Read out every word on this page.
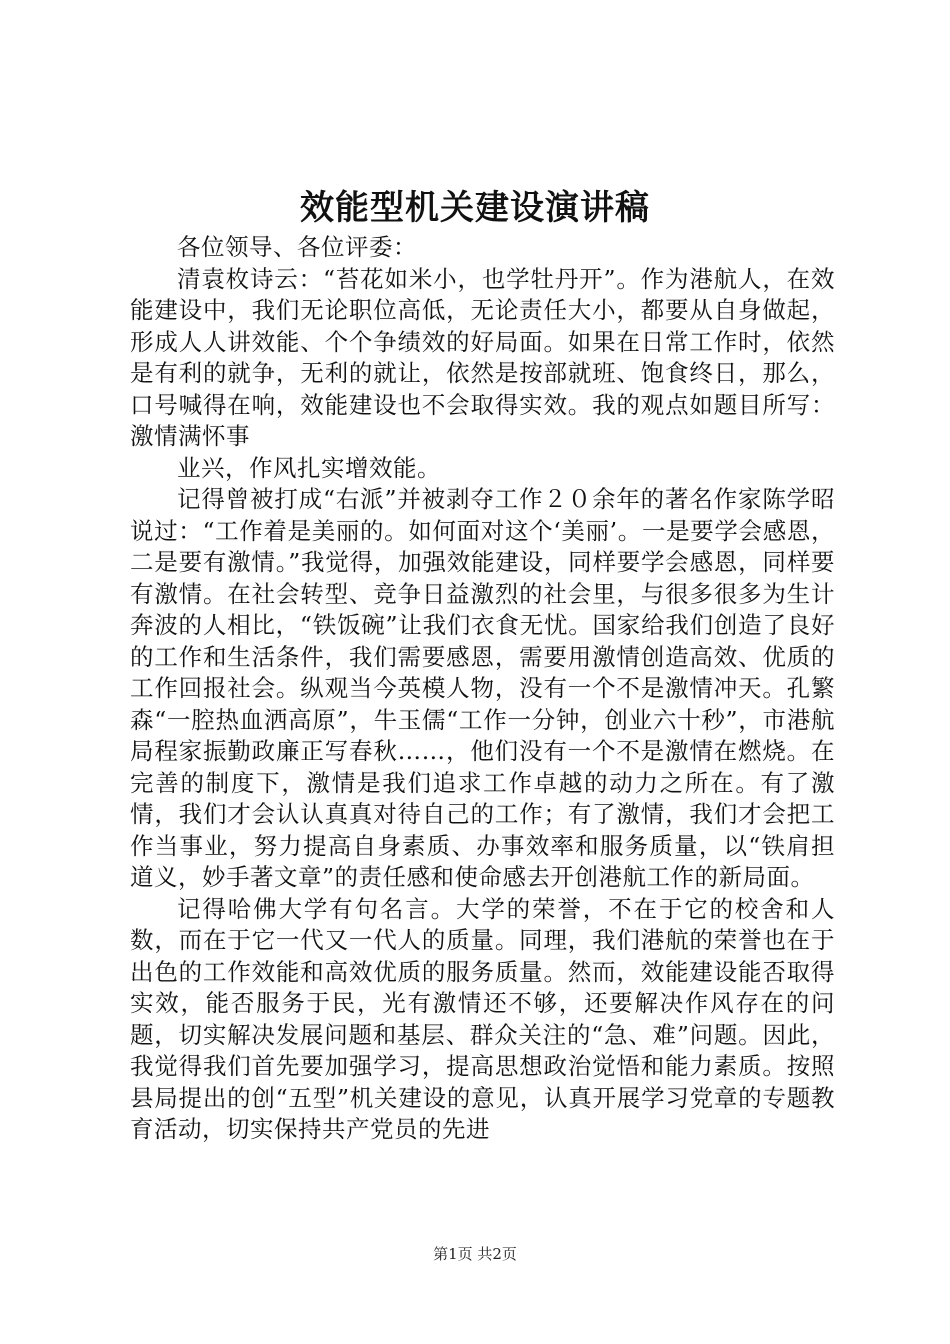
效能型机关建设演讲稿

各位领导、各位评委：

清袁枚诗云：“苔花如米小，也学牡丹开”。作为港航人，在效能建设中，我们无论职位高低，无论责任大小，都要从自身做起，形成人人讲效能、个个争绩效的好局面。如果在日常工作时，依然是有利的就争，无利的就让，依然是按部就班、饱食终日，那么，口号喊得在响，效能建设也不会取得实效。我的观点如题目所写：激情满怀事

业兴，作风扎实增效能。

记得曾被打成“右派”并被剥夺工作２０余年的著名作家陈学昭说过：“工作着是美丽的。如何面对这个‘美丽’。一是要学会感恩，二是要有激情。”我觉得，加强效能建设，同样要学会感恩，同样要有激情。在社会转型、竞争日益激烈的社会里，与很多很多为生计奔波的人相比，“铁饭碗”让我们衣食无忧。国家给我们创造了良好的工作和生活条件，我们需要感恩，需要用激情创造高效、优质的工作回报社会。纵观当今英模人物，没有一个不是激情冲天。孔繁森“一腔热血洒高原”，牛玉儒“工作一分钟，创业六十秒”，市港航局程家振勤政廉正写春秋……，他们没有一个不是激情在燃烧。在完善的制度下，激情是我们追求工作卓越的动力之所在。有了激情，我们才会认认真真对待自己的工作；有了激情，我们才会把工作当事业，努力提高自身素质、办事效率和服务质量，以“铁肩担道义，妙手著文章”的责任感和使命感去开创港航工作的新局面。

记得哈佛大学有句名言。大学的荣誉，不在于它的校舍和人数，而在于它一代又一代人的质量。同理，我们港航的荣誉也在于出色的工作效能和高效优质的服务质量。然而，效能建设能否取得实效，能否服务于民，光有激情还不够，还要解决作风存在的问题，切实解决发展问题和基层、群众关注的“急、难”问题。因此，我觉得我们首先要加强学习，提高思想政治觉悟和能力素质。按照县局提出的创“五型”机关建设的意见，认真开展学习党章的专题教育活动，切实保持共产党员的先进

第1页 共2页
